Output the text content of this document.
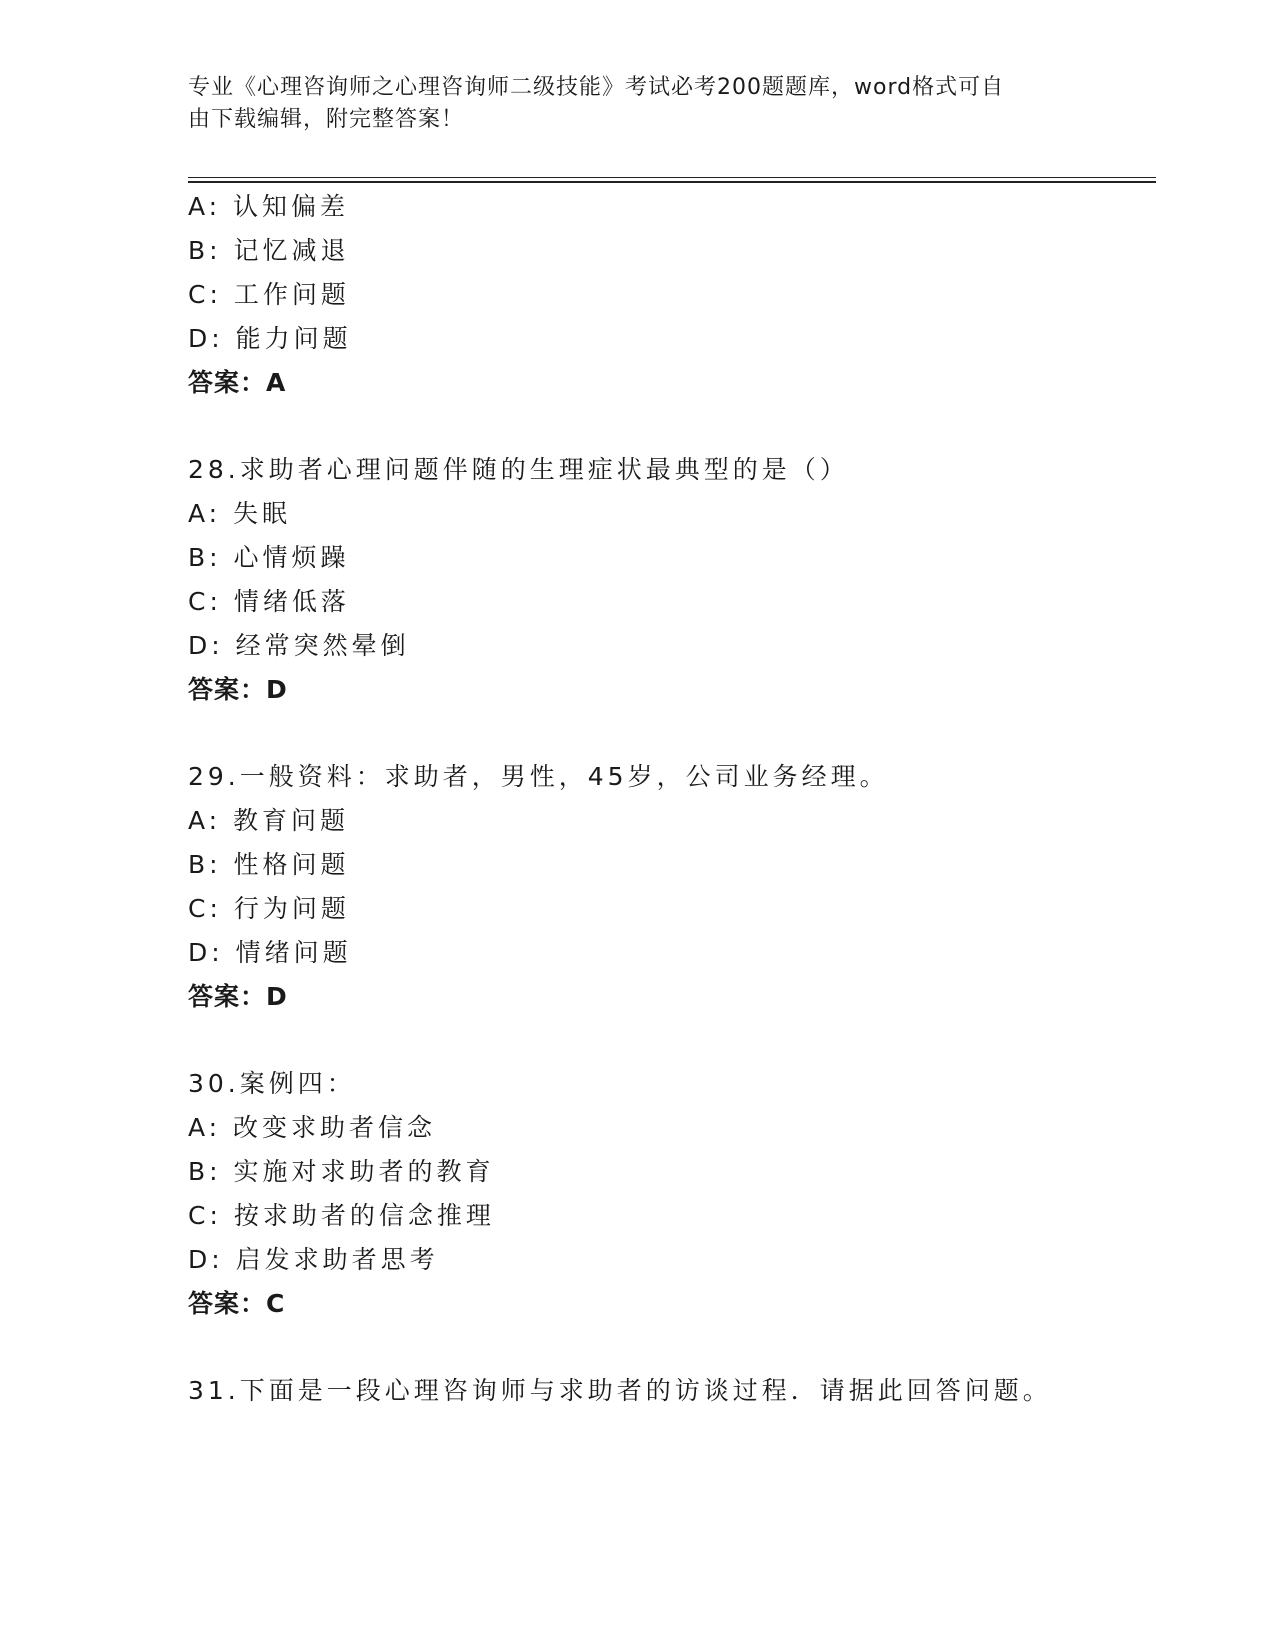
专业《心理咨询师之心理咨询师二级技能》考试必考200题题库，word格式可自
由下载编辑，附完整答案！
A: 认知偏差
B: 记忆减退
C: 工作问题
D: 能力问题
答案：A
28.求助者心理问题伴随的生理症状最典型的是（）
A: 失眠
B: 心情烦躁
C: 情绪低落
D: 经常突然晕倒
答案：D
29.一般资料：求助者，男性，45岁，公司业务经理。
A: 教育问题
B: 性格问题
C: 行为问题
D: 情绪问题
答案：D
30.案例四：
A: 改变求助者信念
B: 实施对求助者的教育
C: 按求助者的信念推理
D: 启发求助者思考
答案：C
31.下面是一段心理咨询师与求助者的访谈过程．请据此回答问题。
